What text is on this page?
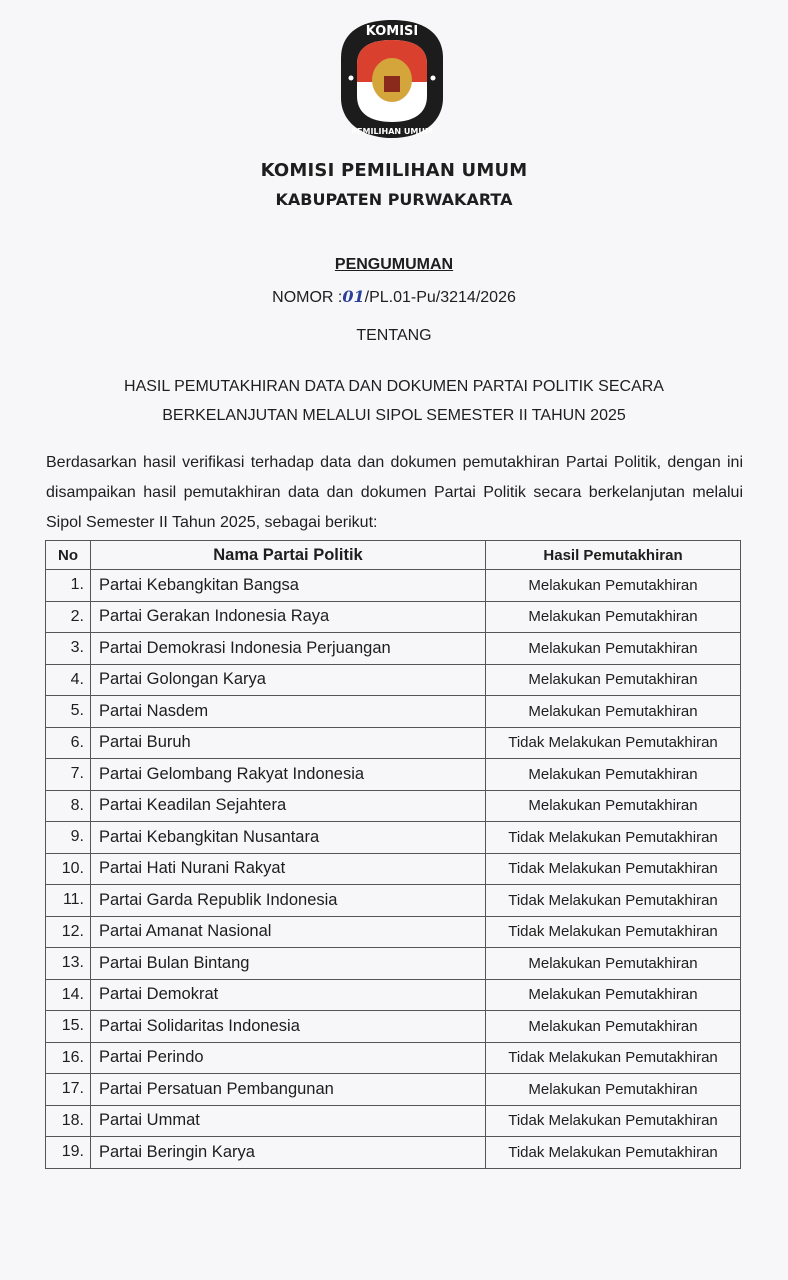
KOMISI
PEMILIHAN UMUM
KOMISI PEMILIHAN UMUM
KABUPATEN PURWAKARTA
PENGUMUMAN
NOMOR :01/PL.01-Pu/3214/2026
TENTANG
HASIL PEMUTAKHIRAN DATA DAN DOKUMEN PARTAI POLITIK SECARA
BERKELANJUTAN MELALUI SIPOL SEMESTER II TAHUN 2025
Berdasarkan hasil verifikasi terhadap data dan dokumen pemutakhiran Partai Politik, dengan ini disampaikan hasil pemutakhiran data dan dokumen Partai Politik secara berkelanjutan melalui Sipol Semester II Tahun 2025, sebagai berikut:
No	Nama Partai Politik	Hasil Pemutakhiran
1.	Partai Kebangkitan Bangsa	Melakukan Pemutakhiran
2.	Partai Gerakan Indonesia Raya	Melakukan Pemutakhiran
3.	Partai Demokrasi Indonesia Perjuangan	Melakukan Pemutakhiran
4.	Partai Golongan Karya	Melakukan Pemutakhiran
5.	Partai Nasdem	Melakukan Pemutakhiran
6.	Partai Buruh	Tidak Melakukan Pemutakhiran
7.	Partai Gelombang Rakyat Indonesia	Melakukan Pemutakhiran
8.	Partai Keadilan Sejahtera	Melakukan Pemutakhiran
9.	Partai Kebangkitan Nusantara	Tidak Melakukan Pemutakhiran
10.	Partai Hati Nurani Rakyat	Tidak Melakukan Pemutakhiran
11.	Partai Garda Republik Indonesia	Tidak Melakukan Pemutakhiran
12.	Partai Amanat Nasional	Tidak Melakukan Pemutakhiran
13.	Partai Bulan Bintang	Melakukan Pemutakhiran
14.	Partai Demokrat	Melakukan Pemutakhiran
15.	Partai Solidaritas Indonesia	Melakukan Pemutakhiran
16.	Partai Perindo	Tidak Melakukan Pemutakhiran
17.	Partai Persatuan Pembangunan	Melakukan Pemutakhiran
18.	Partai Ummat	Tidak Melakukan Pemutakhiran
19.	Partai Beringin Karya	Tidak Melakukan Pemutakhiran
